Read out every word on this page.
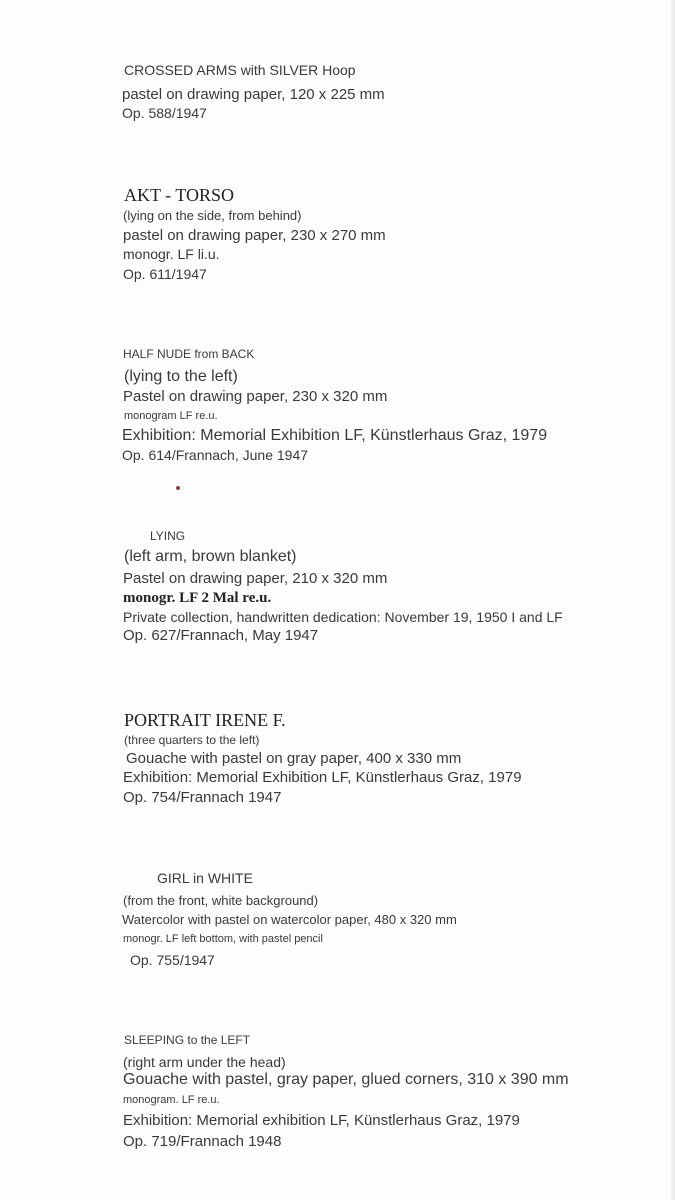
CROSSED ARMS with SILVER Hoop
pastel on drawing paper, 120 x 225 mm
Op. 588/1947
AKT - TORSO
(lying on the side, from behind)
pastel on drawing paper, 230 x 270 mm
monogr. LF li.u.
Op. 611/1947
HALF NUDE from BACK
(lying to the left)
Pastel on drawing paper, 230 x 320 mm
monogram LF re.u.
Exhibition: Memorial Exhibition LF, Künstlerhaus Graz, 1979
Op. 614/Frannach, June 1947
LYING
(left arm, brown blanket)
Pastel on drawing paper, 210 x 320 mm
monogr. LF 2 Mal re.u.
Private collection, handwritten dedication: November 19, 1950 I and LF
Op. 627/Frannach, May 1947
PORTRAIT IRENE F.
(three quarters to the left)
Gouache with pastel on gray paper, 400 x 330 mm
Exhibition: Memorial Exhibition LF, Künstlerhaus Graz, 1979
Op. 754/Frannach 1947
GIRL in WHITE
(from the front, white background)
Watercolor with pastel on watercolor paper, 480 x 320 mm
monogr. LF left bottom, with pastel pencil
Op. 755/1947
SLEEPING to the LEFT
(right arm under the head)
Gouache with pastel, gray paper, glued corners, 310 x 390 mm
monogram. LF re.u.
Exhibition: Memorial exhibition LF, Künstlerhaus Graz, 1979
Op. 719/Frannach 1948
